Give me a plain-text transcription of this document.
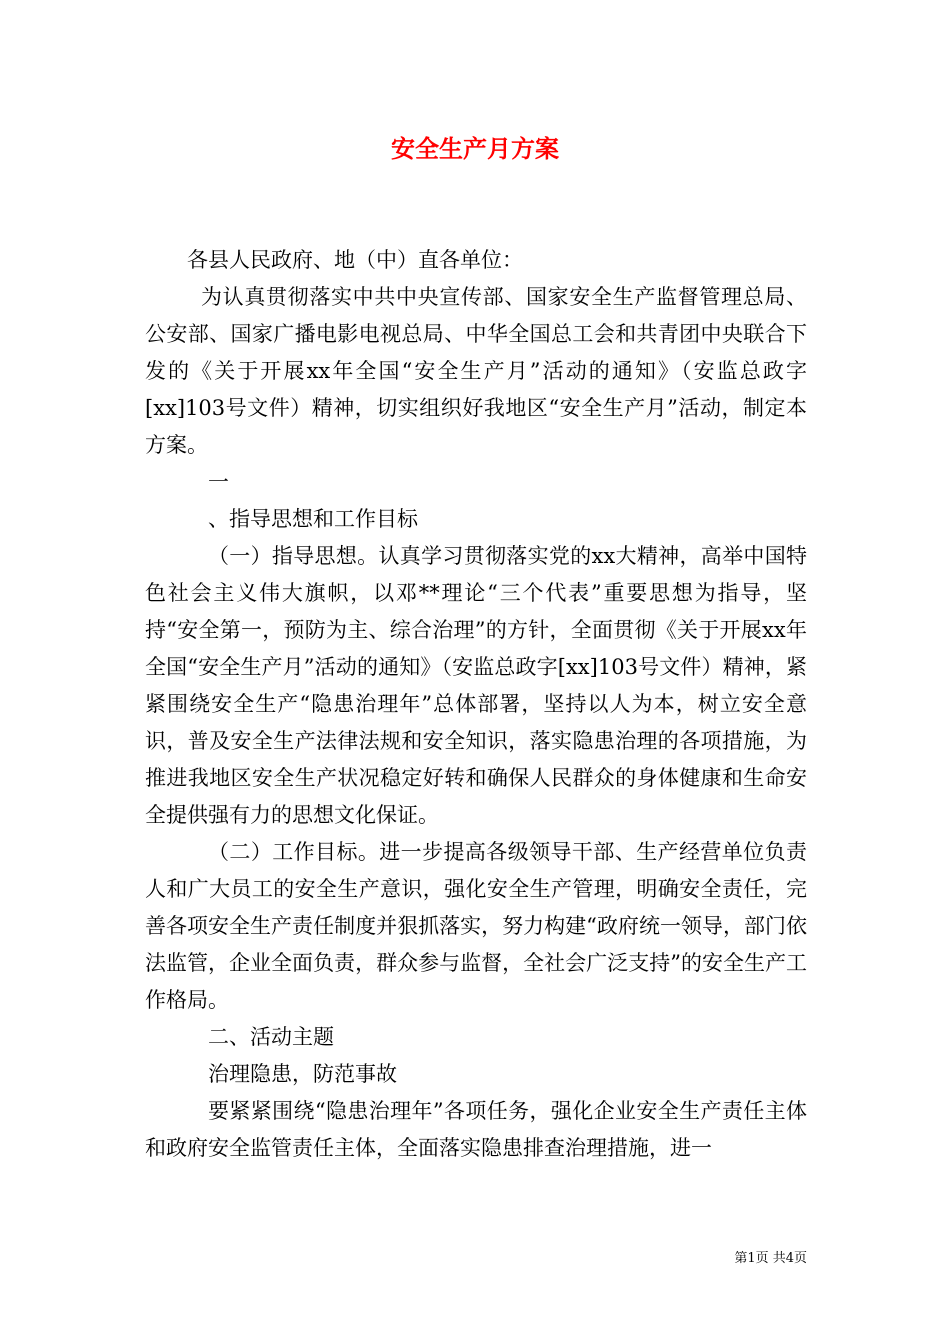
安全生产月方案

各县人民政府、地（中）直各单位：

为认真贯彻落实中共中央宣传部、国家安全生产监督管理总局、公安部、国家广播电影电视总局、中华全国总工会和共青团中央联合下发的《关于开展xx年全国“安全生产月”活动的通知》（安监总政字[xx]103号文件）精神，切实组织好我地区“安全生产月”活动，制定本方案。

一

、指导思想和工作目标

（一）指导思想。认真学习贯彻落实党的xx大精神，高举中国特色社会主义伟大旗帜，以邓**理论“三个代表”重要思想为指导，坚持“安全第一，预防为主、综合治理”的方针，全面贯彻《关于开展xx年全国“安全生产月”活动的通知》（安监总政字[xx]103号文件）精神，紧紧围绕安全生产“隐患治理年”总体部署，坚持以人为本，树立安全意识，普及安全生产法律法规和安全知识，落实隐患治理的各项措施，为推进我地区安全生产状况稳定好转和确保人民群众的身体健康和生命安全提供强有力的思想文化保证。

（二）工作目标。进一步提高各级领导干部、生产经营单位负责人和广大员工的安全生产意识，强化安全生产管理，明确安全责任，完善各项安全生产责任制度并狠抓落实，努力构建“政府统一领导，部门依法监管，企业全面负责，群众参与监督，全社会广泛支持”的安全生产工作格局。

二、活动主题

治理隐患，防范事故

要紧紧围绕“隐患治理年”各项任务，强化企业安全生产责任主体和政府安全监管责任主体，全面落实隐患排查治理措施，进一

第1页 共4页
